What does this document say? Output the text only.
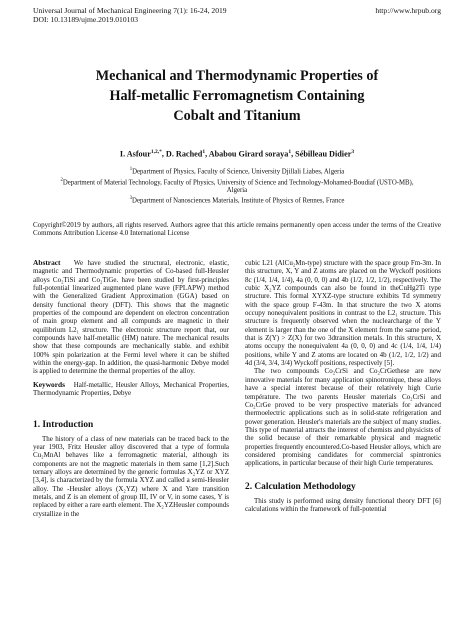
Universal Journal of Mechanical Engineering 7(1): 16-24, 2019	http://www.hrpub.org
DOI: 10.13189/ujme.2019.010103
Mechanical and Thermodynamic Properties of
Half-metallic Ferromagnetism Containing
Cobalt and Titanium
I. Asfour$^{1,2,*}$, D. Rached$^1$, Ababou Girard soraya$^1$, Sébilleau Didier$^3$
$^1$Department of Physics, Faculty of Science, University Djillali Liabes, Algeria
$^2$Department of Material Technology, Faculty of Physics, University of Science and Technology-Mohamed-Boudiaf (USTO-MB),
Algeria
$^3$Department of Nanosciences Materials, Institute of Physics of Rennes, France
Copyright©2019 by authors, all rights reserved. Authors agree that this article remains permanently open access under the terms of the Creative Commons Attribution License 4.0 International License

Abstract We have studied the structural, electronic, elastic, magnetic and Thermodynamic properties of Co-based full-Heusler alloys Co₂TiSi and Co₂TiGe. have been studied by first-principles full-potential linearized augmented plane wave (FPLAPW) method with the Generalized Gradient Approximation (GGA) based on density functional theory (DFT). This shows that the magnetic properties of the compound are dependent on electron concentration of main group element and all compunds are magnetic in their equilibrium L2₁ structure. The electronic structure report that, our compounds have half-metallic (HM) nature. The mechanical results show that these compounds are mechanically stable. and exhibit 100% spin polarization at the Fermi level where it can be shifted within the energy-gap. In addition, the quasi-harmonic Debye model is applied to determine the thermal properties of the alloy.

Keywords Half-metallic, Heusler Alloys, Mechanical Properties, Thermodynamic Properties, Debye

1. Introduction

The history of a class of new materials can be traced back to the year 1903, Fritz Heusler alloy discovered that a type of formula Cu₂MnAl behaves like a ferromagnetic material, although its components are not the magnetic materials in them same [1,2].Such ternary alloys are determined by the generic formulas X₂YZ or XYZ [3,4], is characterized by the formula XYZ and called a semi-Heusler alloy. The -Heusler alloys (X₂YZ) where X and Yare transition metals, and Z is an element of group III, IV or V, in some cases, Y is replaced by either a rare earth element. The X₂YZHeusler compounds crystallize in the

cubic L21 (AlCu₂Mn-type) structure with the space group Fm-3m. In this structure, X, Y and Z atoms are placed on the Wyckoff positions 8c (1/4, 1/4, 1/4), 4a (0, 0, 0) and 4b (1/2, 1/2, 1/2), respectively. The cubic X₂YZ compounds can also be found in theCuHg2Ti type structure. This formal XYXZ-type structure exhibits Td symmetry with the space group F-43m. In that structure the two X atoms occupy nonequivalent positions in contrast to the L2₁ structure. This structure is frequently observed when the nuclearcharge of the Y element is larger than the one of the X element from the same period, that is Z(Y) > Z(X) for two 3dtransition metals. In this structure, X atoms occupy the nonequivalent 4a (0, 0, 0) and 4c (1/4, 1/4, 1/4) positions, while Y and Z atoms are located on 4b (1/2, 1/2, 1/2) and 4d (3/4, 3/4, 3/4) Wyckoff positions, respectively [5].

The two compounds Co₂CrSi and Co₂CrGethese are new innovative materials for many application spinotronique, these alloys have a special interest because of their relatively high Curie température. The two parents Heusler materials Co₂CrSi and Co₂CrGe proved to be very prospective materials for advanced thermoelectric applications such as in solid-state refrigeration and power generation. Heusler's materials are the subject of many studies. This type of material attracts the interest of chemists and physicists of the solid because of their remarkable physical and magnetic properties frequently encountered.Co-based Heusler alloys, which are considered promising candidates for commercial spintronics applications, in particular because of their high Curie temperatures.

2. Calculation Methodology

This study is performed using density functional theory DFT [6] calculations within the framework of full-potential
